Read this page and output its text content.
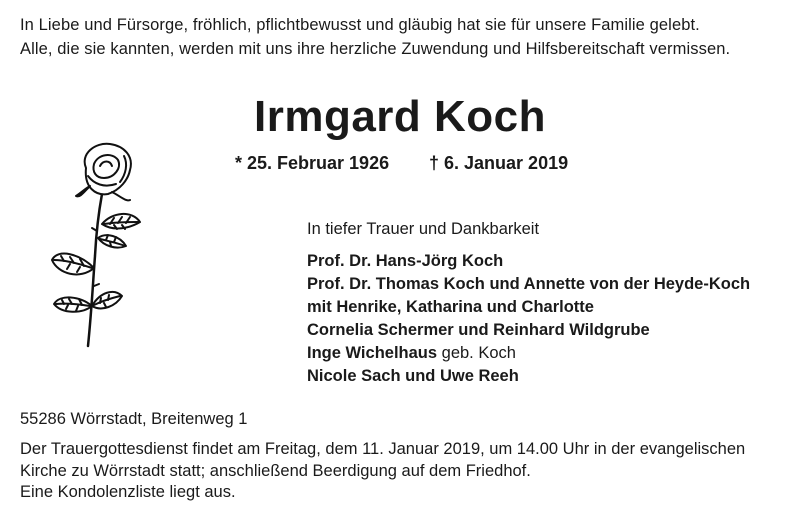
In Liebe und Fürsorge, fröhlich, pflichtbewusst und gläubig hat sie für unsere Familie gelebt.
Alle, die sie kannten, werden mit uns ihre herzliche Zuwendung und Hilfsbereitschaft vermissen.
Irmgard Koch
* 25. Februar 1926 † 6. Januar 2019
In tiefer Trauer und Dankbarkeit
Prof. Dr. Hans-Jörg Koch
Prof. Dr. Thomas Koch und Annette von der Heyde-Koch
mit Henrike, Katharina und Charlotte
Cornelia Schermer und Reinhard Wildgrube
Inge Wichelhaus geb. Koch
Nicole Sach und Uwe Reeh
55286 Wörrstadt, Breitenweg 1

Der Trauergottesdienst findet am Freitag, dem 11. Januar 2019, um 14.00 Uhr in der evangelischen

Kirche zu Wörrstadt statt; anschließend Beerdigung auf dem Friedhof.

Eine Kondolenzliste liegt aus.
